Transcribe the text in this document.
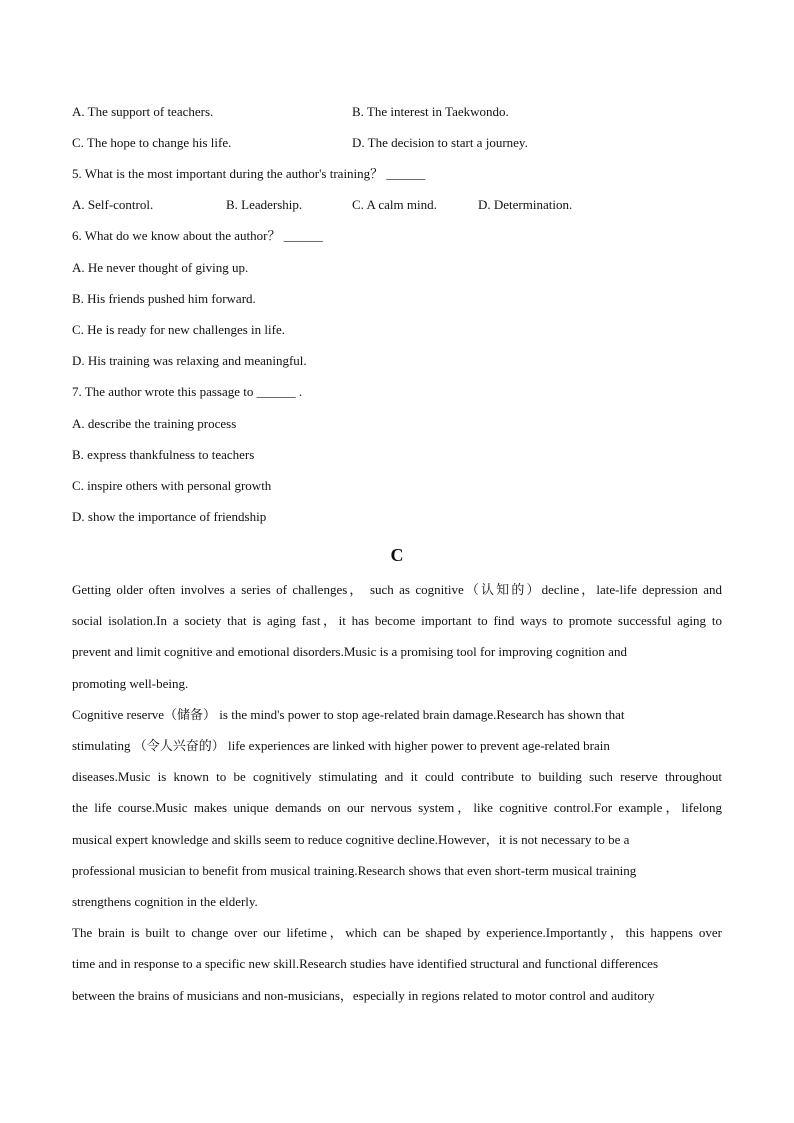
A. The support of teachers.	B. The interest in Taekwondo.
C. The hope to change his life.	D. The decision to start a journey.
5. What is the most important during the author's training？ ______
A. Self-control.	B. Leadership.	C. A calm mind.	D. Determination.
6. What do we know about the author？ ______
A. He never thought of giving up.
B. His friends pushed him forward.
C. He is ready for new challenges in life.
D. His training was relaxing and meaningful.
7. The author wrote this passage to ______ .
A. describe the training process
B. express thankfulness to teachers
C. inspire others with personal growth
D. show the importance of friendship
C
Getting older often involves a series of challenges， such as cognitive（认知的）decline，late-life depression and
social isolation.In a society that is aging fast，it has become important to find ways to promote successful aging to
prevent and limit cognitive and emotional disorders.Music is a promising tool for improving cognition and
promoting well-being.
Cognitive reserve（储备） is the mind's power to stop age-related brain damage.Research has shown that
stimulating （令人兴奋的） life experiences are linked with higher power to prevent age-related brain
diseases.Music is known to be cognitively stimulating and it could contribute to building such reserve throughout
the life course.Music makes unique demands on our nervous system，like cognitive control.For example，lifelong
musical expert knowledge and skills seem to reduce cognitive decline.However，it is not necessary to be a
professional musician to benefit from musical training.Research shows that even short-term musical training
strengthens cognition in the elderly.
The brain is built to change over our lifetime，which can be shaped by experience.Importantly，this happens over
time and in response to a specific new skill.Research studies have identified structural and functional differences
between the brains of musicians and non-musicians，especially in regions related to motor control and auditory
